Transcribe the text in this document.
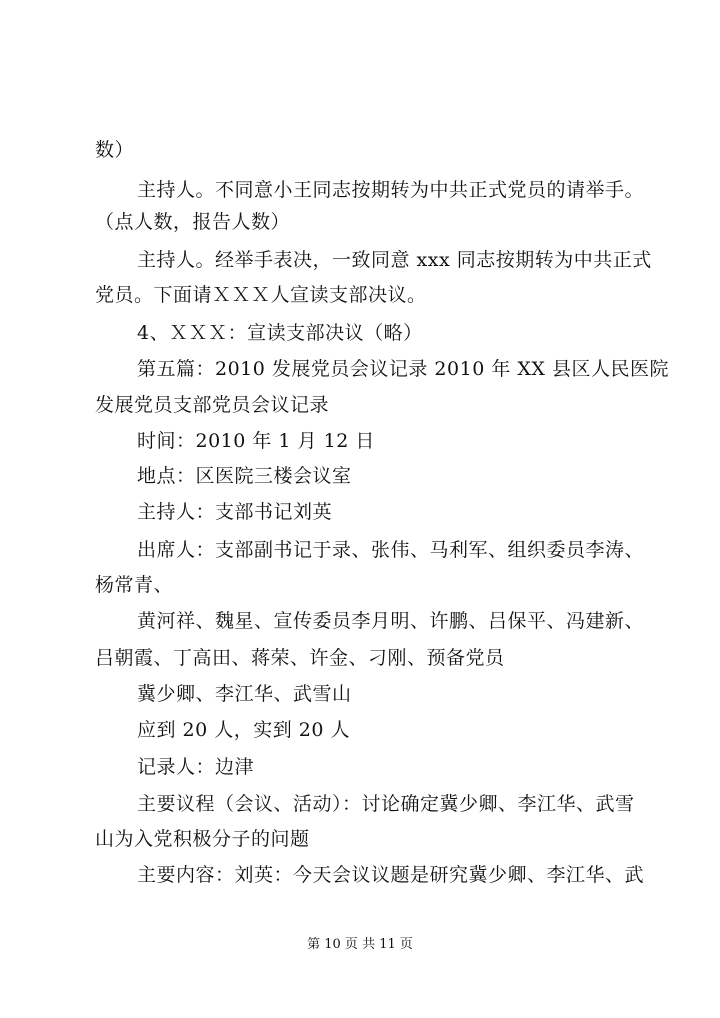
数）
主持人。不同意小王同志按期转为中共正式党员的请举手。
（点人数，报告人数）
主持人。经举手表决，一致同意 xxx 同志按期转为中共正式
党员。下面请ＸＸＸ人宣读支部决议。
4、ＸＸＸ：宣读支部决议（略）
第五篇：2010 发展党员会议记录 2010 年 XX 县区人民医院
发展党员支部党员会议记录
时间：2010 年 1 月 12 日
地点：区医院三楼会议室
主持人：支部书记刘英
出席人：支部副书记于录、张伟、马利军、组织委员李涛、
杨常青、
黄河祥、魏星、宣传委员李月明、许鹏、吕保平、冯建新、
吕朝霞、丁高田、蒋荣、许金、刁刚、预备党员
冀少卿、李江华、武雪山
应到 20 人，实到 20 人
记录人：边津
主要议程（会议、活动）：讨论确定冀少卿、李江华、武雪
山为入党积极分子的问题
主要内容：刘英：今天会议议题是研究冀少卿、李江华、武
第 10 页 共 11 页
